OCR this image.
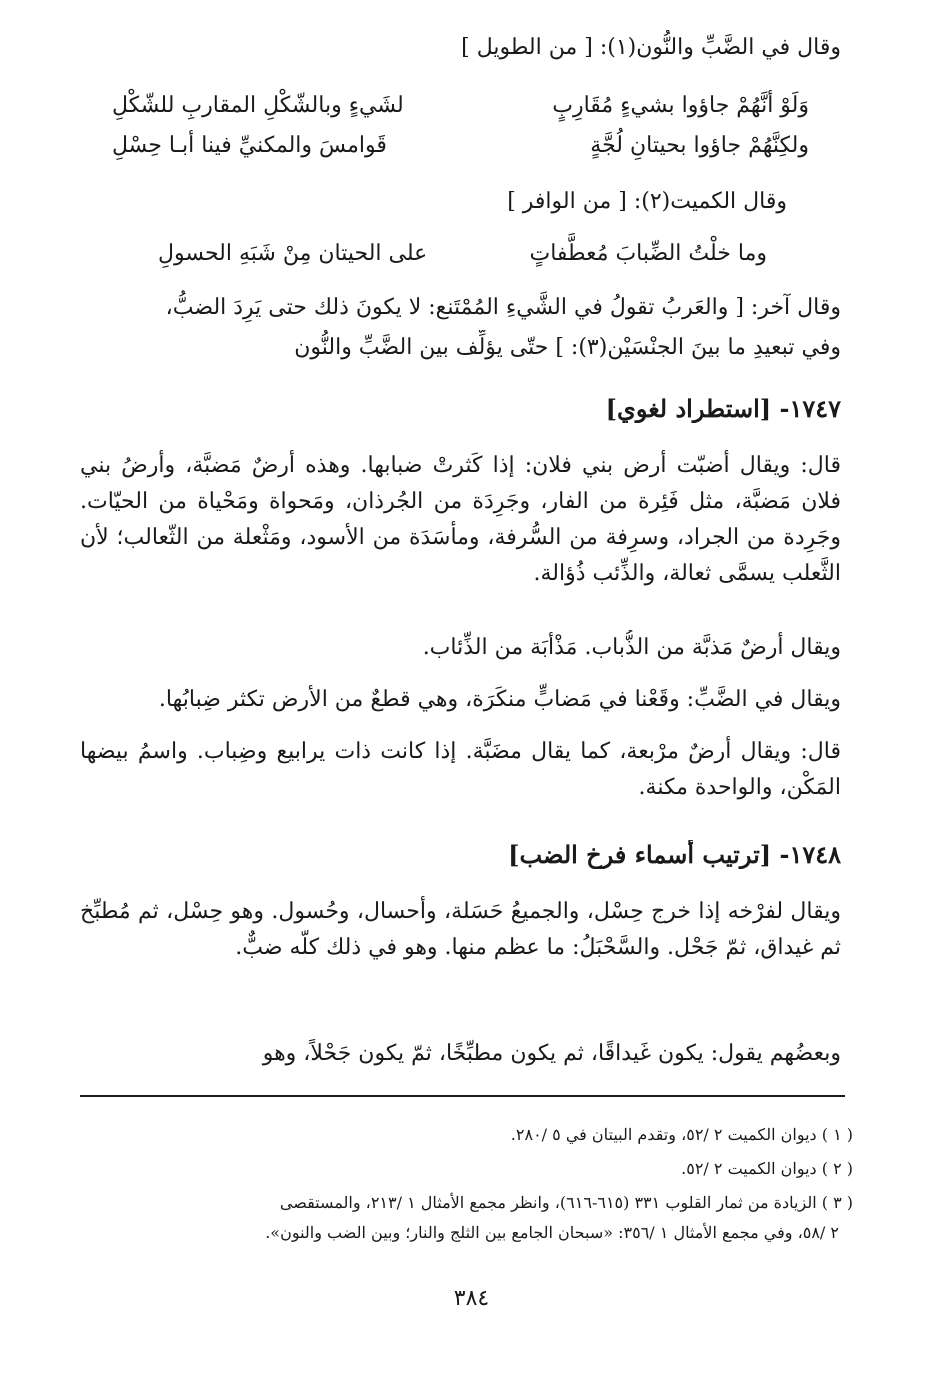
وقال في الضَّبِّ والنُّون(١): [ من الطويل ]
وَلَوْ أنَّهُمْ جاؤوا بشيءٍ مُقَارِبٍ
لشَيءٍ وبالشّكْلِ المقاربِ للشّكْلِ
ولكِنَّهُمْ جاؤوا بحيتانِ لُجَّةٍ
قَوامسَ والمكنيِّ فينا أبـا حِسْلِ
وقال الكميت(٢): [ من الوافر ]
وما خلْتُ الضِّبابَ مُعطَّفاتٍ
على الحيتان مِنْ شَبَهِ الحسولِ
وقال آخر: [ والعَربُ تقولُ في الشَّيءِ المُمْتَنع: لا يكونَ ذلك حتى يَرِدَ الضبُّ،
وفي تبعيدِ ما بينَ الجنْسَيْن(٣): ] حتّى يؤلِّف بين الضَّبِّ والنُّون
١٧٤٧- [استطراد لغوي]
قال: ويقال أضبّت أرض بني فلان: إذا كَثرتْ ضبابها. وهذه أرضٌ مَضبَّة، وأرضُ بني فلان مَضبَّة، مثل فَئِرة من الفار، وجَرِدَة من الجُرذان، ومَحواة ومَحْياة من الحيّات. وجَرِدة من الجراد، وسرِفة من السُّرفة، ومأسَدَة من الأسود، ومَثْعلة من الثّعالب؛ لأن الثَّعلب يسمَّى ثعالة، والذِّئب ذُؤالة.
ويقال أرضٌ مَذبَّة من الذُّباب. مَذْأبَة من الذِّئاب.
ويقال في الضَّبِّ: وقَعْنا في مَضابٍّ منكَرَة، وهي قطعٌ من الأرض تكثر ضِبابُها.
قال: ويقال أرضٌ مرْبعة، كما يقال مضَبَّة. إذا كانت ذات يرابيع وضِباب. واسمُ بيضها المَكْن، والواحدة مكنة.
١٧٤٨- [ترتيب أسماء فرخ الضب]
ويقال لفرْخه إذا خرج حِسْل، والجميعُ حَسَلة، وأحسال، وحُسول. وهو حِسْل، ثم مُطبِّخ ثم غيداق، ثمّ جَحْل. والسَّحْبَلُ: ما عظم منها. وهو في ذلك كلّه ضبٌّ.
وبعضُهم يقول: يكون غَيداقًا، ثم يكون مطبِّخًا، ثمّ يكون جَحْلاً، وهو
( ١ ) ديوان الكميت ٢ /٥٢، وتقدم البيتان في ٥ /٢٨٠.
( ٢ ) ديوان الكميت ٢ /٥٢.
( ٣ ) الزيادة من ثمار القلوب ٣٣١ (٦١٥-٦١٦)، وانظر مجمع الأمثال ١ /٢١٣، والمستقصى
٢ /٥٨، وفي مجمع الأمثال ١ /٣٥٦: «سبحان الجامع بين الثلج والنار؛ وبين الضب والنون».
٣٨٤
